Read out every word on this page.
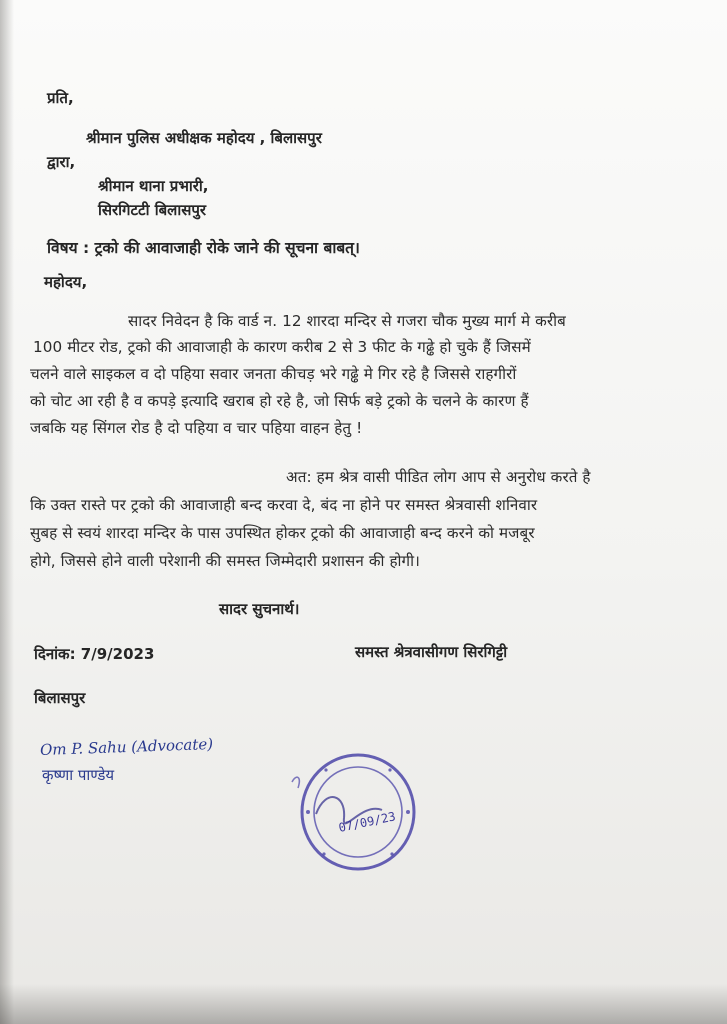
प्रति,
श्रीमान पुलिस अधीक्षक महोदय , बिलासपुर
द्वारा,
श्रीमान थाना प्रभारी,
सिरगिटटी बिलासपुर
विषय : ट्रको की आवाजाही रोके जाने की सूचना बाबत्।
महोदय,
सादर निवेदन है कि वार्ड न. 12 शारदा मन्दिर से गजरा चौक मुख्य मार्ग मे करीब
100 मीटर रोड, ट्रको की आवाजाही के कारण करीब 2 से 3 फीट के गढ्ढे हो चुके हैं जिसमें
चलने वाले साइकल व दो पहिया सवार जनता कीचड़ भरे गढ्ढे मे गिर रहे है जिससे राहगीरों
को चोट आ रही है व कपड़े इत्यादि खराब हो रहे है, जो सिर्फ बड़े ट्रको के चलने के कारण हैं
जबकि यह सिंगल रोड है दो पहिया व चार पहिया वाहन हेतु !
अत: हम श्रेत्र वासी पीडित लोग आप से अनुरोध करते है
कि उक्त रास्ते पर ट्रको की आवाजाही बन्द करवा दे, बंद ना होने पर समस्त श्रेत्रवासी शनिवार
सुबह से स्वयं शारदा मन्दिर के पास उपस्थित होकर ट्रको की आवाजाही बन्द करने को मजबूर
होगे, जिससे होने वाली परेशानी की समस्त जिम्मेदारी प्रशासन की होगी।
सादर सुचनार्थ।
दिनांक: 7/9/2023	समस्त श्रेत्रवासीगण सिरगिट्टी
बिलासपुर
Om P. Sahu (Advocate)
कृष्णा पाण्डेय
07/09/23
